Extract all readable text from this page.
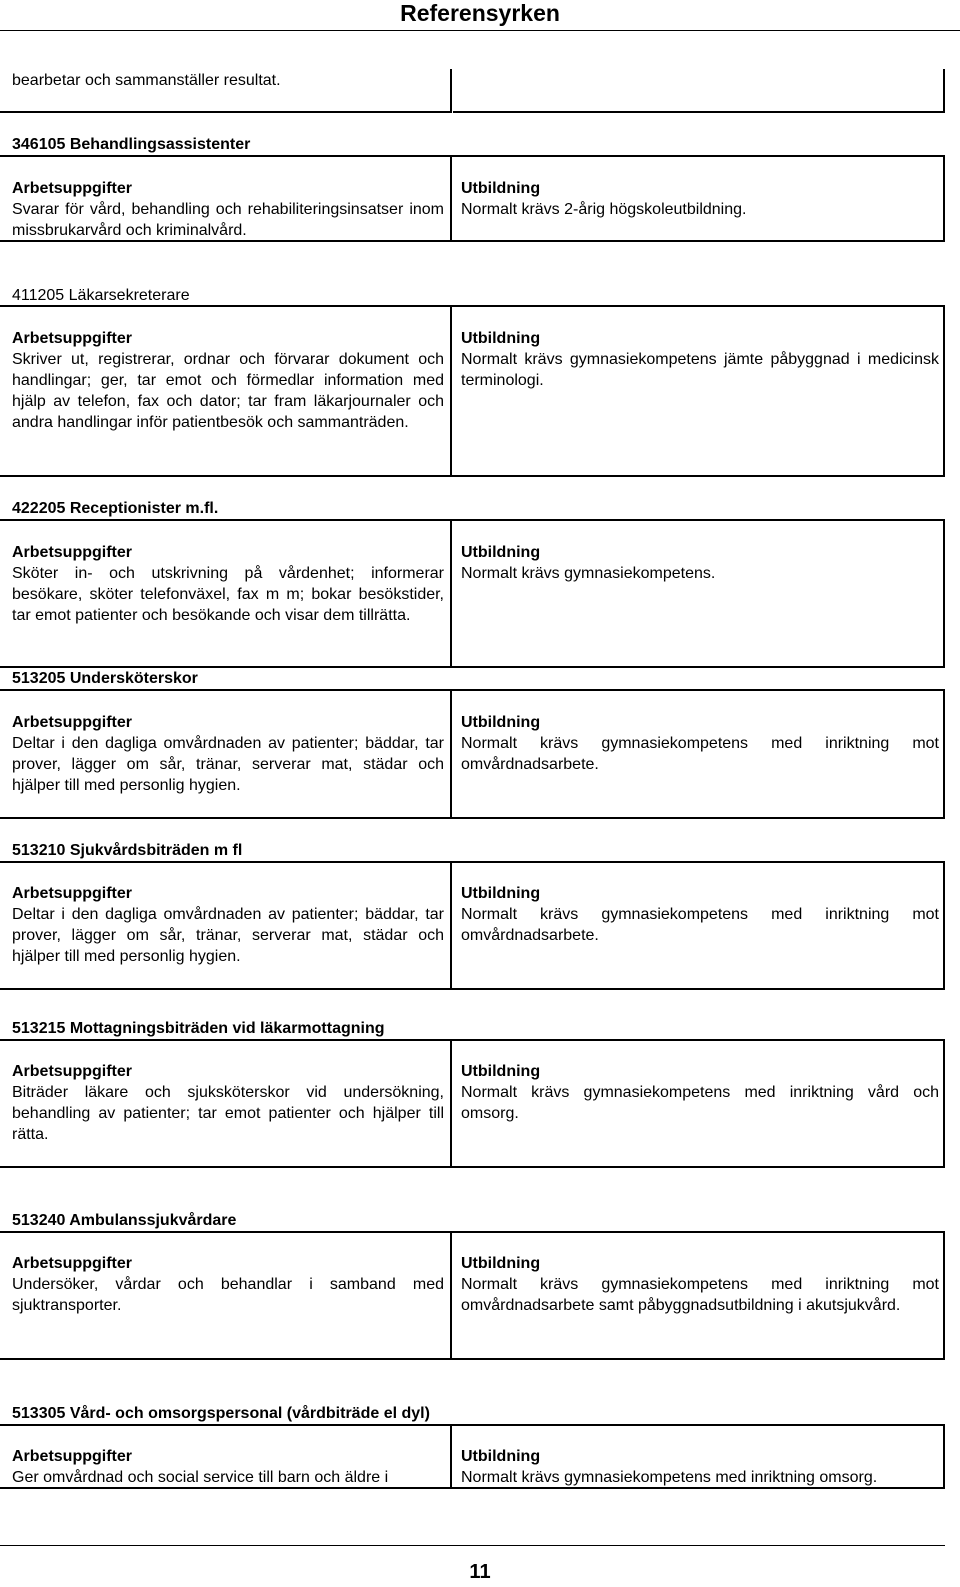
Referensyrken

bearbetar och sammanställer resultat.

346105 Behandlingsassistenter

Arbetsuppgifter

Svarar för vård, behandling och rehabiliteringsinsatser inom missbrukarvård och kriminalvård.

Utbildning

Normalt krävs 2-årig högskoleutbildning.

411205 Läkarsekreterare

Arbetsuppgifter

Skriver ut, registrerar, ordnar och förvarar dokument och handlingar; ger, tar emot och förmedlar information med hjälp av telefon, fax och dator; tar fram läkarjournaler och andra handlingar inför patientbesök och sammanträden.

Utbildning

Normalt krävs gymnasiekompetens jämte påbyggnad i medicinsk terminologi.

422205 Receptionister m.fl.

Arbetsuppgifter

Sköter in- och utskrivning på vårdenhet; informerar besökare, sköter telefonväxel, fax m m; bokar besökstider, tar emot patienter och besökande och visar dem tillrätta.

Utbildning

Normalt krävs gymnasiekompetens.

513205 Undersköterskor

Arbetsuppgifter

Deltar i den dagliga omvårdnaden av patienter; bäddar, tar prover, lägger om sår, tränar, serverar mat, städar och hjälper till med personlig hygien.

Utbildning

Normalt krävs gymnasiekompetens med inriktning mot omvårdnadsarbete.

513210 Sjukvårdsbiträden m fl

Arbetsuppgifter

Deltar i den dagliga omvårdnaden av patienter; bäddar, tar prover, lägger om sår, tränar, serverar mat, städar och hjälper till med personlig hygien.

Utbildning

Normalt krävs gymnasiekompetens med inriktning mot omvårdnadsarbete.

513215 Mottagningsbiträden vid läkarmottagning

Arbetsuppgifter

Biträder läkare och sjuksköterskor vid undersökning, behandling av patienter; tar emot patienter och hjälper till rätta.

Utbildning

Normalt krävs gymnasiekompetens med inriktning vård och omsorg.

513240 Ambulanssjukvårdare

Arbetsuppgifter

Undersöker, vårdar och behandlar i samband med sjuktransporter.

Utbildning

Normalt krävs gymnasiekompetens med inriktning mot omvårdnadsarbete samt påbyggnadsutbildning i akutsjukvård.

513305 Vård- och omsorgspersonal (vårdbiträde el dyl)

Arbetsuppgifter

Ger omvårdnad och social service till barn och äldre i

Utbildning

Normalt krävs gymnasiekompetens med inriktning omsorg.

11
